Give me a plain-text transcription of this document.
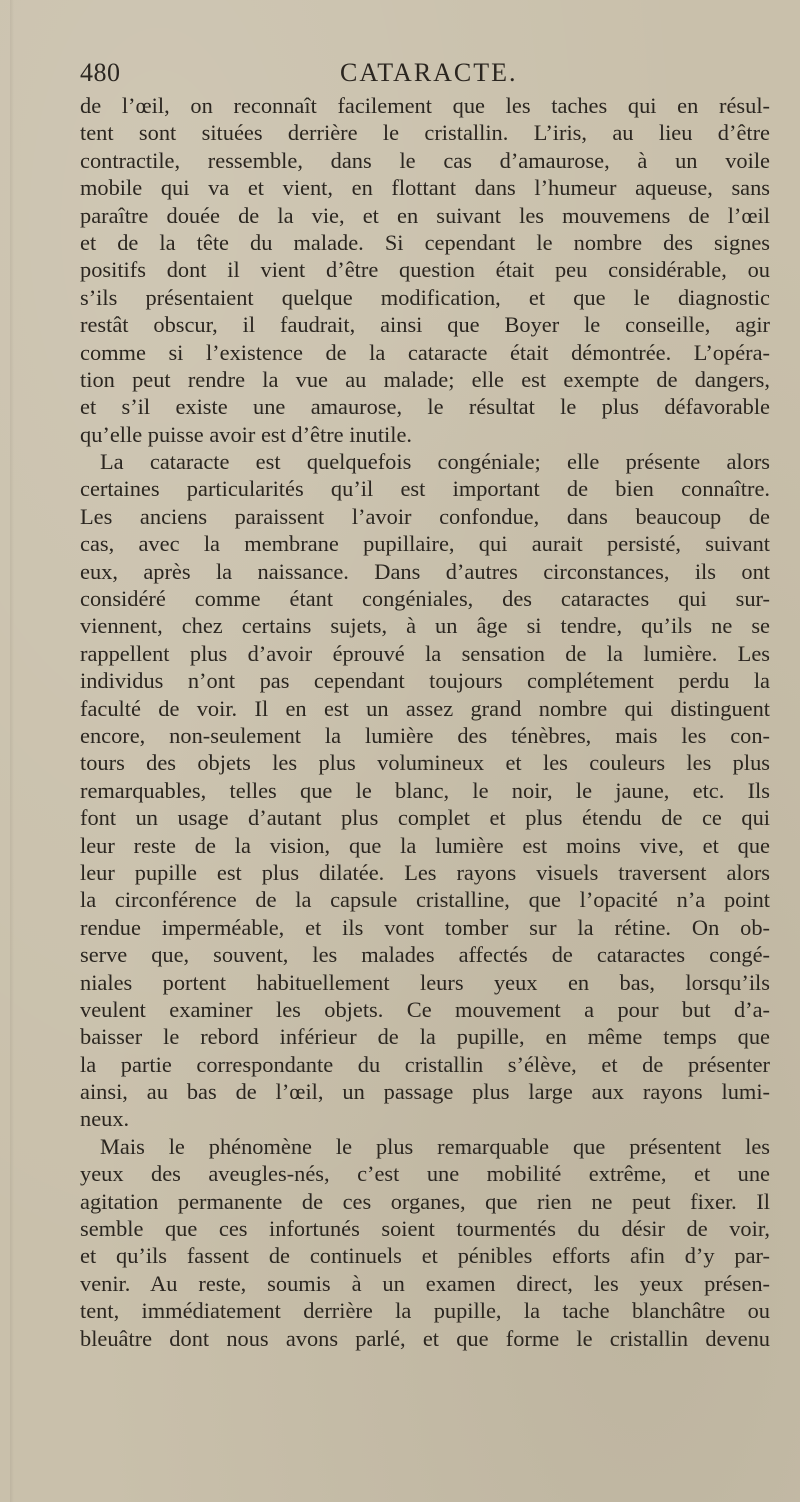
480	CATARACTE.
de l’œil, on reconnaît facilement que les taches qui en résul-
tent sont situées derrière le cristallin. L’iris, au lieu d’être
contractile, ressemble, dans le cas d’amaurose, à un voile
mobile qui va et vient, en flottant dans l’humeur aqueuse, sans
paraître douée de la vie, et en suivant les mouvemens de l’œil
et de la tête du malade. Si cependant le nombre des signes
positifs dont il vient d’être question était peu considérable, ou
s’ils présentaient quelque modification, et que le diagnostic
restât obscur, il faudrait, ainsi que Boyer le conseille, agir
comme si l’existence de la cataracte était démontrée. L’opéra-
tion peut rendre la vue au malade; elle est exempte de dangers,
et s’il existe une amaurose, le résultat le plus défavorable
qu’elle puisse avoir est d’être inutile.
La cataracte est quelquefois congéniale; elle présente alors
certaines particularités qu’il est important de bien connaître.
Les anciens paraissent l’avoir confondue, dans beaucoup de
cas, avec la membrane pupillaire, qui aurait persisté, suivant
eux, après la naissance. Dans d’autres circonstances, ils ont
considéré comme étant congéniales, des cataractes qui sur-
viennent, chez certains sujets, à un âge si tendre, qu’ils ne se
rappellent plus d’avoir éprouvé la sensation de la lumière. Les
individus n’ont pas cependant toujours complétement perdu la
faculté de voir. Il en est un assez grand nombre qui distinguent
encore, non-seulement la lumière des ténèbres, mais les con-
tours des objets les plus volumineux et les couleurs les plus
remarquables, telles que le blanc, le noir, le jaune, etc. Ils
font un usage d’autant plus complet et plus étendu de ce qui
leur reste de la vision, que la lumière est moins vive, et que
leur pupille est plus dilatée. Les rayons visuels traversent alors
la circonférence de la capsule cristalline, que l’opacité n’a point
rendue imperméable, et ils vont tomber sur la rétine. On ob-
serve que, souvent, les malades affectés de cataractes congé-
niales portent habituellement leurs yeux en bas, lorsqu’ils
veulent examiner les objets. Ce mouvement a pour but d’a-
baisser le rebord inférieur de la pupille, en même temps que
la partie correspondante du cristallin s’élève, et de présenter
ainsi, au bas de l’œil, un passage plus large aux rayons lumi-
neux.
Mais le phénomène le plus remarquable que présentent les
yeux des aveugles-nés, c’est une mobilité extrême, et une
agitation permanente de ces organes, que rien ne peut fixer. Il
semble que ces infortunés soient tourmentés du désir de voir,
et qu’ils fassent de continuels et pénibles efforts afin d’y par-
venir. Au reste, soumis à un examen direct, les yeux présen-
tent, immédiatement derrière la pupille, la tache blanchâtre ou
bleuâtre dont nous avons parlé, et que forme le cristallin devenu
